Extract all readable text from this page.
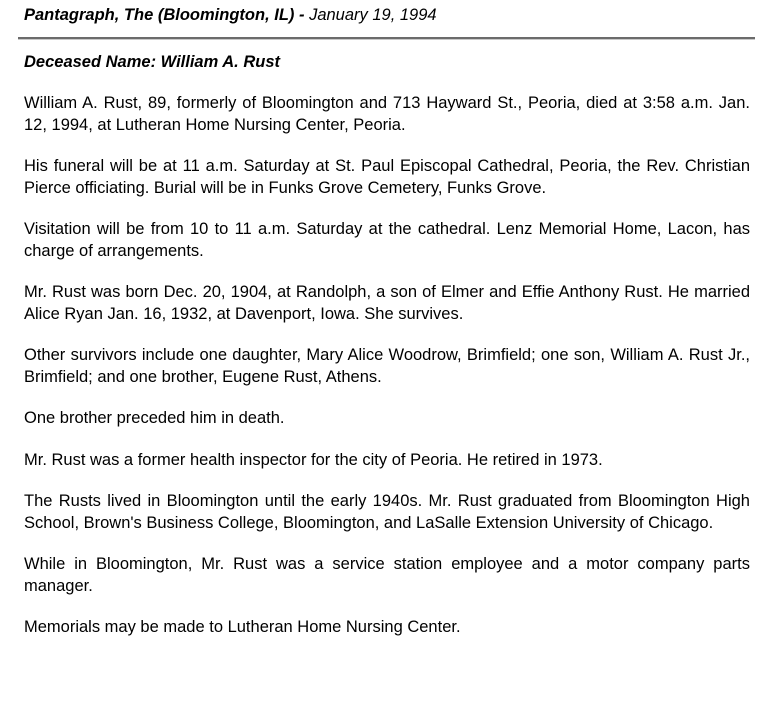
Pantagraph, The (Bloomington, IL) - January 19, 1994
Deceased Name: William A. Rust

William A. Rust, 89, formerly of Bloomington and 713 Hayward St., Peoria, died at 3:58 a.m. Jan. 12, 1994, at Lutheran Home Nursing Center, Peoria.

His funeral will be at 11 a.m. Saturday at St. Paul Episcopal Cathedral, Peoria, the Rev. Christian Pierce officiating. Burial will be in Funks Grove Cemetery, Funks Grove.

Visitation will be from 10 to 11 a.m. Saturday at the cathedral. Lenz Memorial Home, Lacon, has charge of arrangements.

Mr. Rust was born Dec. 20, 1904, at Randolph, a son of Elmer and Effie Anthony Rust. He married Alice Ryan Jan. 16, 1932, at Davenport, Iowa. She survives.

Other survivors include one daughter, Mary Alice Woodrow, Brimfield; one son, William A. Rust Jr., Brimfield; and one brother, Eugene Rust, Athens.

One brother preceded him in death.

Mr. Rust was a former health inspector for the city of Peoria. He retired in 1973.

The Rusts lived in Bloomington until the early 1940s. Mr. Rust graduated from Bloomington High School, Brown's Business College, Bloomington, and LaSalle Extension University of Chicago.

While in Bloomington, Mr. Rust was a service station employee and a motor company parts manager.

Memorials may be made to Lutheran Home Nursing Center.
